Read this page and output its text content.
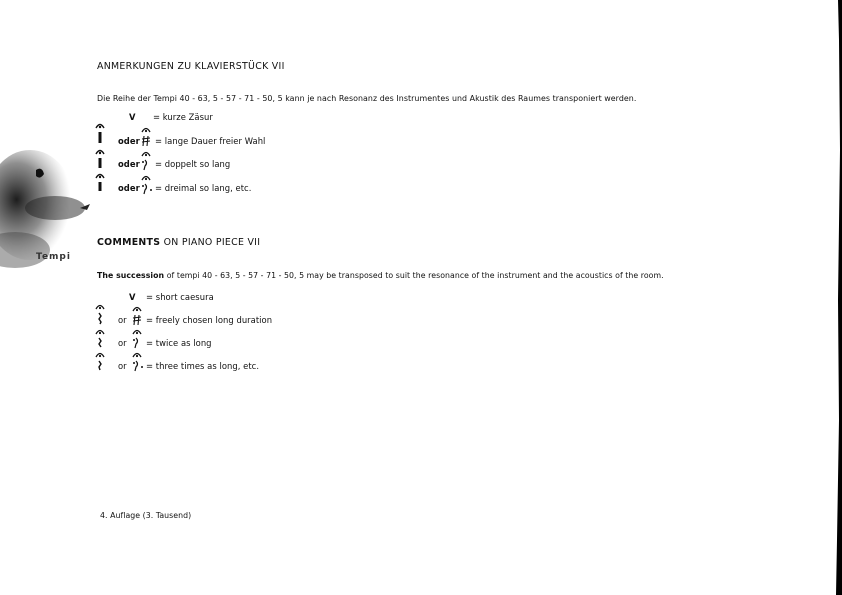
Tempi
ANMERKUNGEN ZU KLAVIERSTÜCK VII
Die Reihe der Tempi 40 - 63, 5 - 57 - 71 - 50, 5 kann je nach Resonanz des Instrumentes und Akustik des Raumes transponiert werden.
V = kurze Zäsur
oder = lange Dauer freier Wahl
oder = doppelt so lang
oder = dreimal so lang, etc.
COMMENTS ON PIANO PIECE VII
The succession of tempi 40 - 63, 5 - 57 - 71 - 50, 5 may be transposed to suit the resonance of the instrument and the acoustics of the room.
V = short caesura
or = freely chosen long duration
or = twice as long
or = three times as long, etc.
4. Auflage (3. Tausend)
